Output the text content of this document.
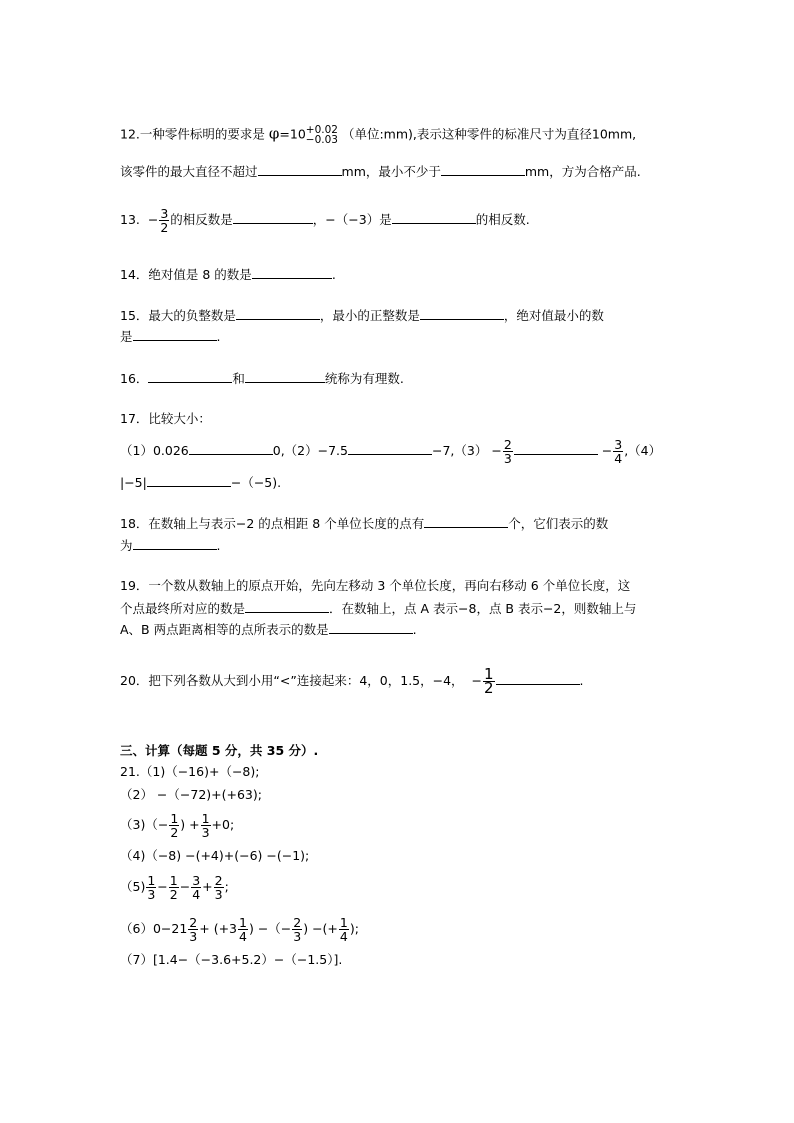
12.一种零件标明的要求是 φ=10 +0.02
−0.03 （单位:mm),表示这种零件的标准尺寸为直径10mm,
该零件的最大直径不超过	mm，最小不少于	mm，方为合格产品.
13. − $\frac{3}{2}$ 的相反数是	，−（−3）是	的相反数.
14．绝对值是 8 的数是	.
15．最大的负整数是	，最小的正整数是	，绝对值最小的数
是	.
16．	和	统称为有理数.
17．比较大小：
（1）0.026	0,（2）−7.5	$-7,(3) - \frac{2}{3}$	− $\frac{3}{4} ,(4)$
|−5|	−（−5).
18．在数轴上与表示−2 的点相距 8 个单位长度的点有	个，它们表示的数
为	.
19．一个数从数轴上的原点开始，先向左移动 3 个单位长度，再向右移动 6 个单位长度，这
个点最终所对应的数是	．在数轴上，点 A 表示−8，点 B 表示−2，则数轴上与
A、B 两点距离相等的点所表示的数是	.
20．把下列各数从大到小用“<”连接起来：4，0，1.5，−4， − $\frac{1}{2}$	.
三、计算（每题 5 分，共 35 分）.
21.（1)（−16)+（−8);
（2） −（−72)+(+63);
$(3)(- \frac{1}{2}$ ) + $\frac{1}{3} +0$;
（4)（−8) −(+4)+(−6) −(−1);
$(5) \frac{1}{3} - \frac{1}{2} - \frac{3}{4} + \frac{2}{3}$ ;
$(6)0-21 \frac{2}{3} + (+3 \frac{1}{4}$ ) −（− $\frac{2}{3}$ ) −(+ $\frac{1}{4}$ );
（7）[1.4−（−3.6+5.2）−（−1.5）].
